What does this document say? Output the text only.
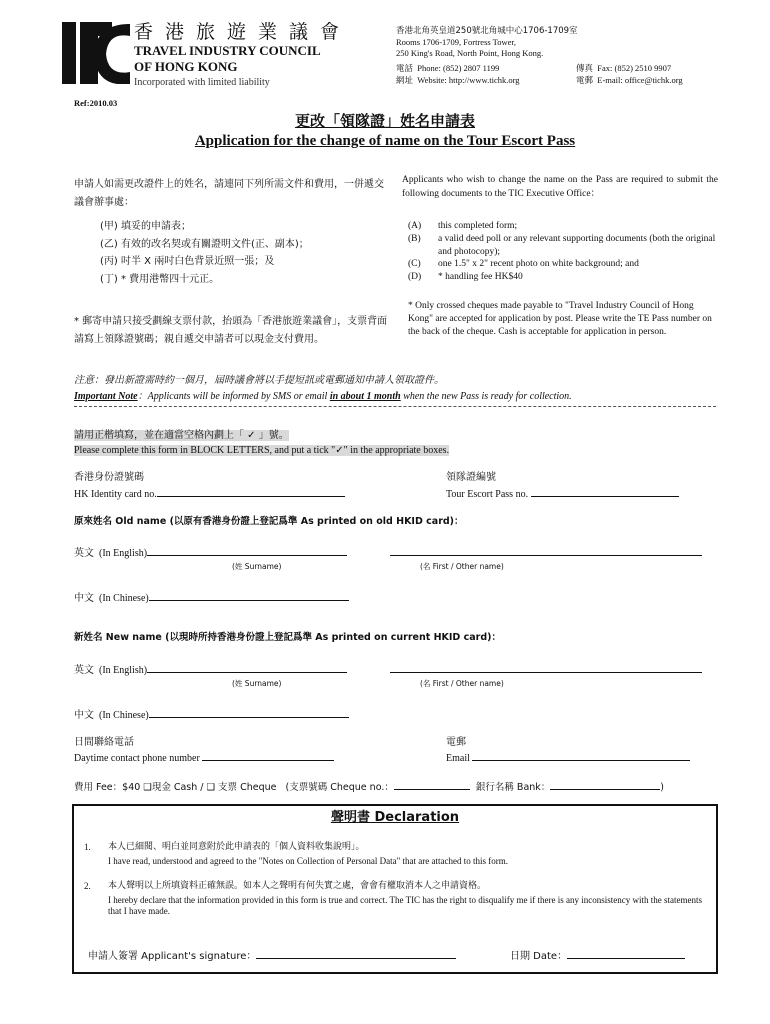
香港旅遊業議會
TRAVEL INDUSTRY COUNCIL
OF HONG KONG
Incorporated with limited liability
香港北角英皇道250號北角城中心1706-1709室
Rooms 1706-1709, Fortress Tower,
250 King's Road, North Point, Hong Kong.
電話 Phone: (852) 2807 1199	傳真 Fax: (852) 2510 9907
網址 Website: http://www.tichk.org	電郵 E-mail: office@tichk.org
Ref:2010.03
更改「領隊證」姓名申請表
Application for the change of name on the Tour Escort Pass
申請人如需更改證件上的姓名，請連同下列所需文件和費用，一併遞交議會辦事處：
(甲) 填妥的申請表；
(乙) 有效的改名契或有關證明文件(正、副本)；
(丙) 吋半 X 兩吋白色背景近照一張；及
(丁) * 費用港幣四十元正。
Applicants who wish to change the name on the Pass are required to submit the following documents to the TIC Executive Office：
(A)	this completed form;
(B)	a valid deed poll or any relevant supporting documents (both the original and photocopy);
(C)	one 1.5" x 2" recent photo on white background; and
(D)	* handling fee HK$40
* 郵寄申請只接受劃線支票付款，抬頭為「香港旅遊業議會」，支票背面請寫上領隊證號碼；親自遞交申請者可以現金支付費用。
* Only crossed cheques made payable to "Travel Industry Council of Hong Kong" are accepted for application by post. Please write the TE Pass number on the back of the cheque. Cash is acceptable for application in person.
注意：發出新證需時約一個月，屆時議會將以手提短訊或電郵通知申請人領取證件。
Important Note：Applicants will be informed by SMS or email in about 1 month when the new Pass is ready for collection.
請用正楷填寫，並在適當空格內劃上「 ✓ 」號。
Please complete this form in BLOCK LETTERS, and put a tick "✓" in the appropriate boxes.
香港身份證號碼
HK Identity card no.
領隊證編號
Tour Escort Pass no.
原來姓名 Old name (以原有香港身份證上登記爲準 As printed on old HKID card)：
英文 (In English)
(姓 Surname)	(名 First / Other name)
中文 (In Chinese)
新姓名 New name (以現時所持香港身份證上登記爲準 As printed on current HKID card)：
英文 (In English)
(姓 Surname)	(名 First / Other name)
中文 (In Chinese)
日間聯絡電話
Daytime contact phone number
電郵
Email
費用 Fee：$40 ❑現金 Cash / ❑ 支票 Cheque (支票號碼 Cheque no.：	銀行名稱 Bank：	)
聲明書 Declaration
1.	本人已細閱、明白並同意附於此申請表的「個人資料收集說明」。
I have read, understood and agreed to the "Notes on Collection of Personal Data" that are attached to this form.
2.	本人聲明以上所填資料正確無誤。如本人之聲明有何失實之處，會會有權取消本人之申請資格。
I hereby declare that the information provided in this form is true and correct. The TIC has the right to disqualify me if there is any inconsistency with the statements that I have made.
申請人簽署 Applicant's signature：	日期 Date：
